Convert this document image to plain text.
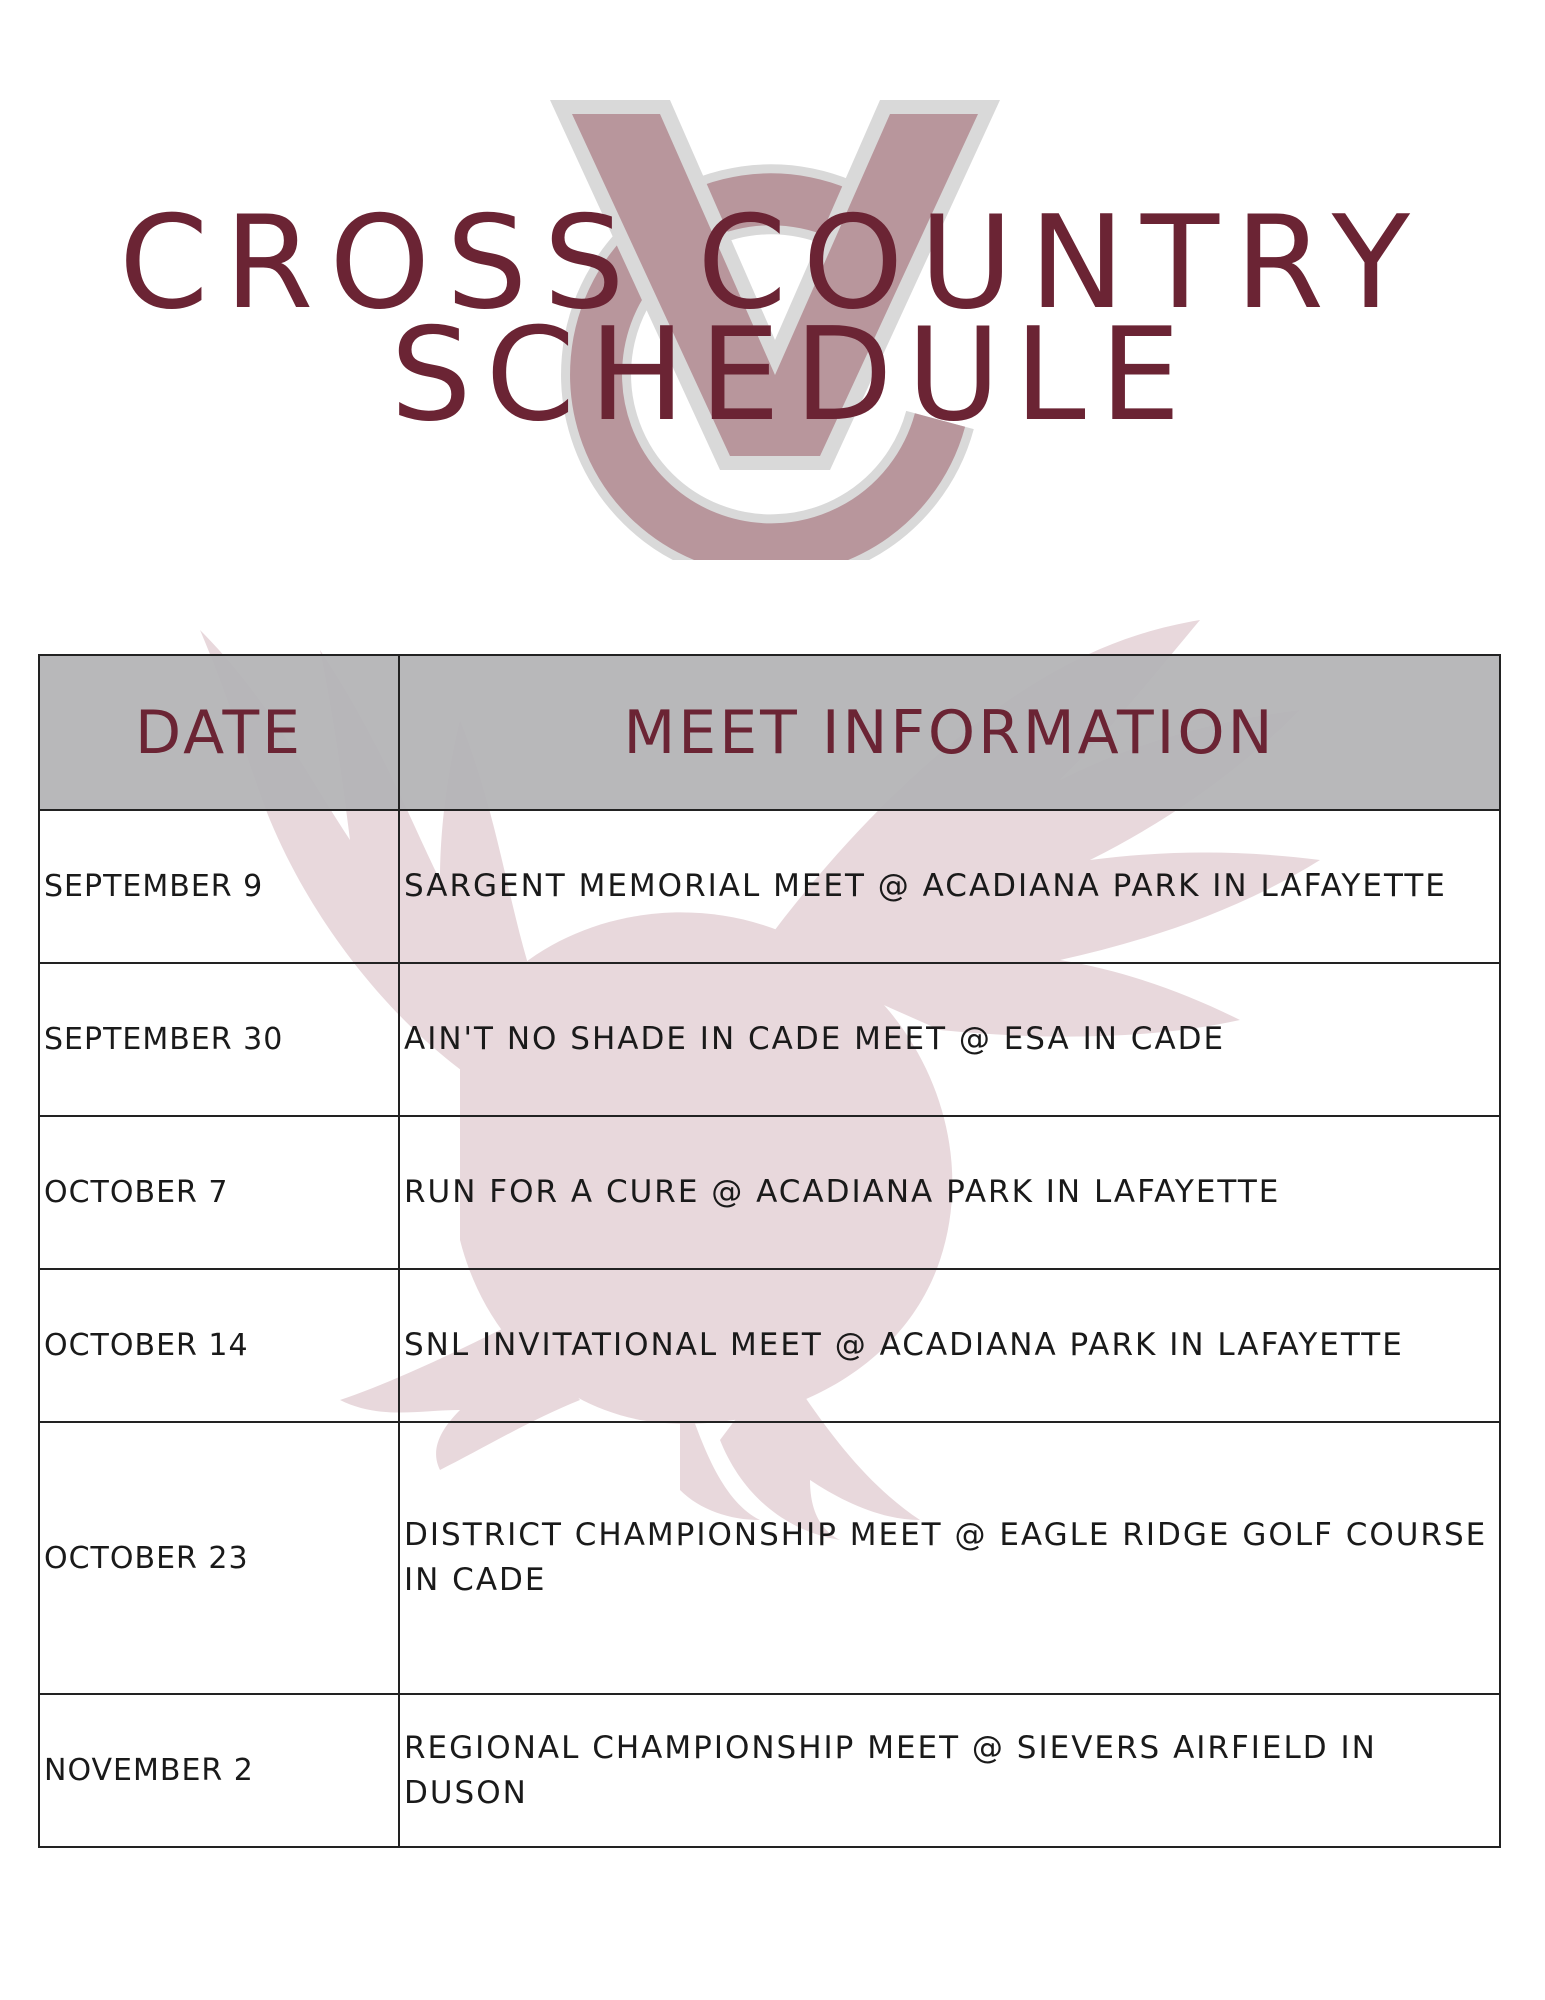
CROSS COUNTRY
SCHEDULE
DATE	MEET INFORMATION
SEPTEMBER 9	SARGENT MEMORIAL MEET @ ACADIANA PARK IN LAFAYETTE
SEPTEMBER 30	AIN'T NO SHADE IN CADE MEET @ ESA IN CADE
OCTOBER 7	RUN FOR A CURE @ ACADIANA PARK IN LAFAYETTE
OCTOBER 14	SNL INVITATIONAL MEET @ ACADIANA PARK IN LAFAYETTE
OCTOBER 23	DISTRICT CHAMPIONSHIP MEET @ EAGLE RIDGE GOLF COURSE IN CADE
NOVEMBER 2	REGIONAL CHAMPIONSHIP MEET @ SIEVERS AIRFIELD IN DUSON
